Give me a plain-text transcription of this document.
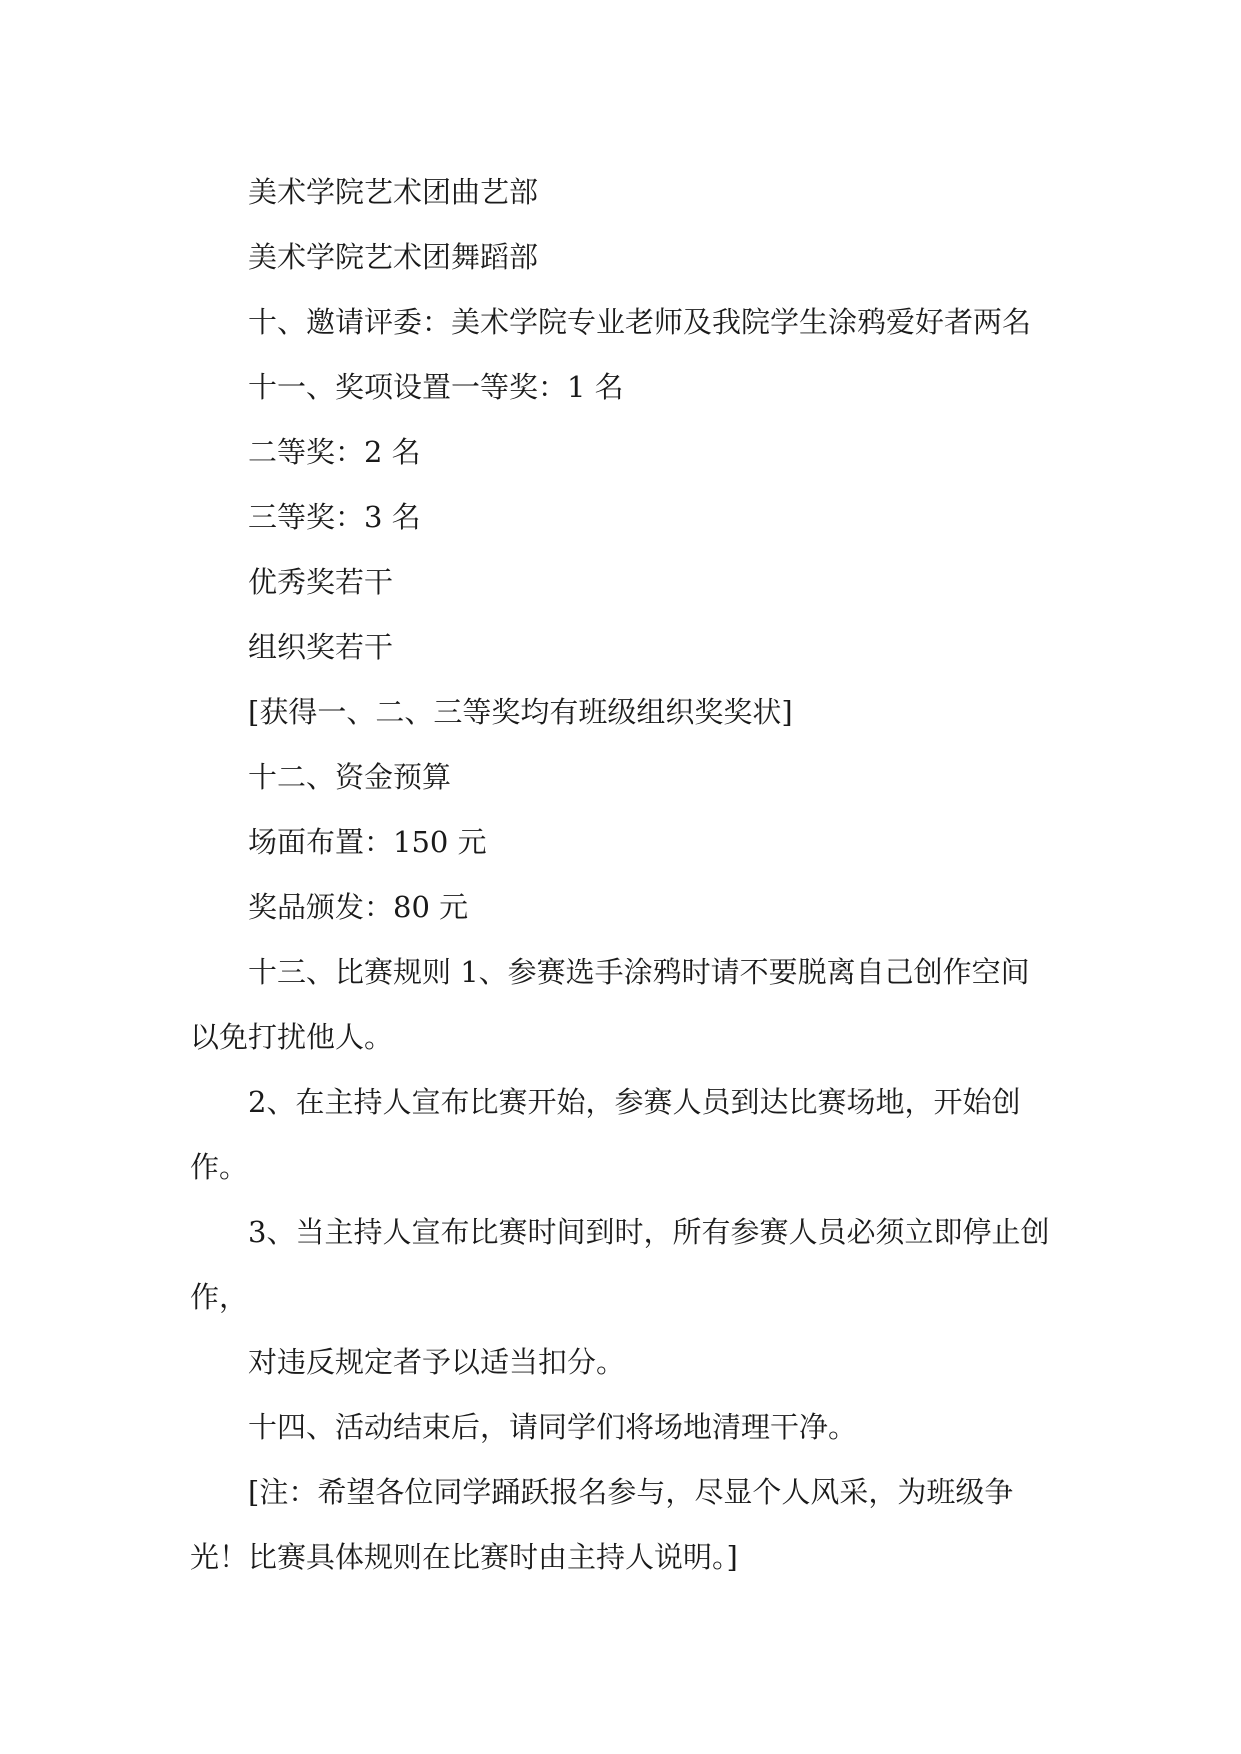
美术学院艺术团曲艺部

美术学院艺术团舞蹈部

十、邀请评委：美术学院专业老师及我院学生涂鸦爱好者两名

十一、奖项设置一等奖：1 名

二等奖：2 名

三等奖：3 名

优秀奖若干

组织奖若干

[获得一、二、三等奖均有班级组织奖奖状]

十二、资金预算

场面布置：150 元

奖品颁发：80 元

十三、比赛规则 1、参赛选手涂鸦时请不要脱离自己创作空间以免打扰他人。

2、在主持人宣布比赛开始，参赛人员到达比赛场地，开始创作。

3、当主持人宣布比赛时间到时，所有参赛人员必须立即停止创作，

对违反规定者予以适当扣分。

十四、活动结束后，请同学们将场地清理干净。

[注：希望各位同学踊跃报名参与，尽显个人风采，为班级争光！比赛具体规则在比赛时由主持人说明。]
